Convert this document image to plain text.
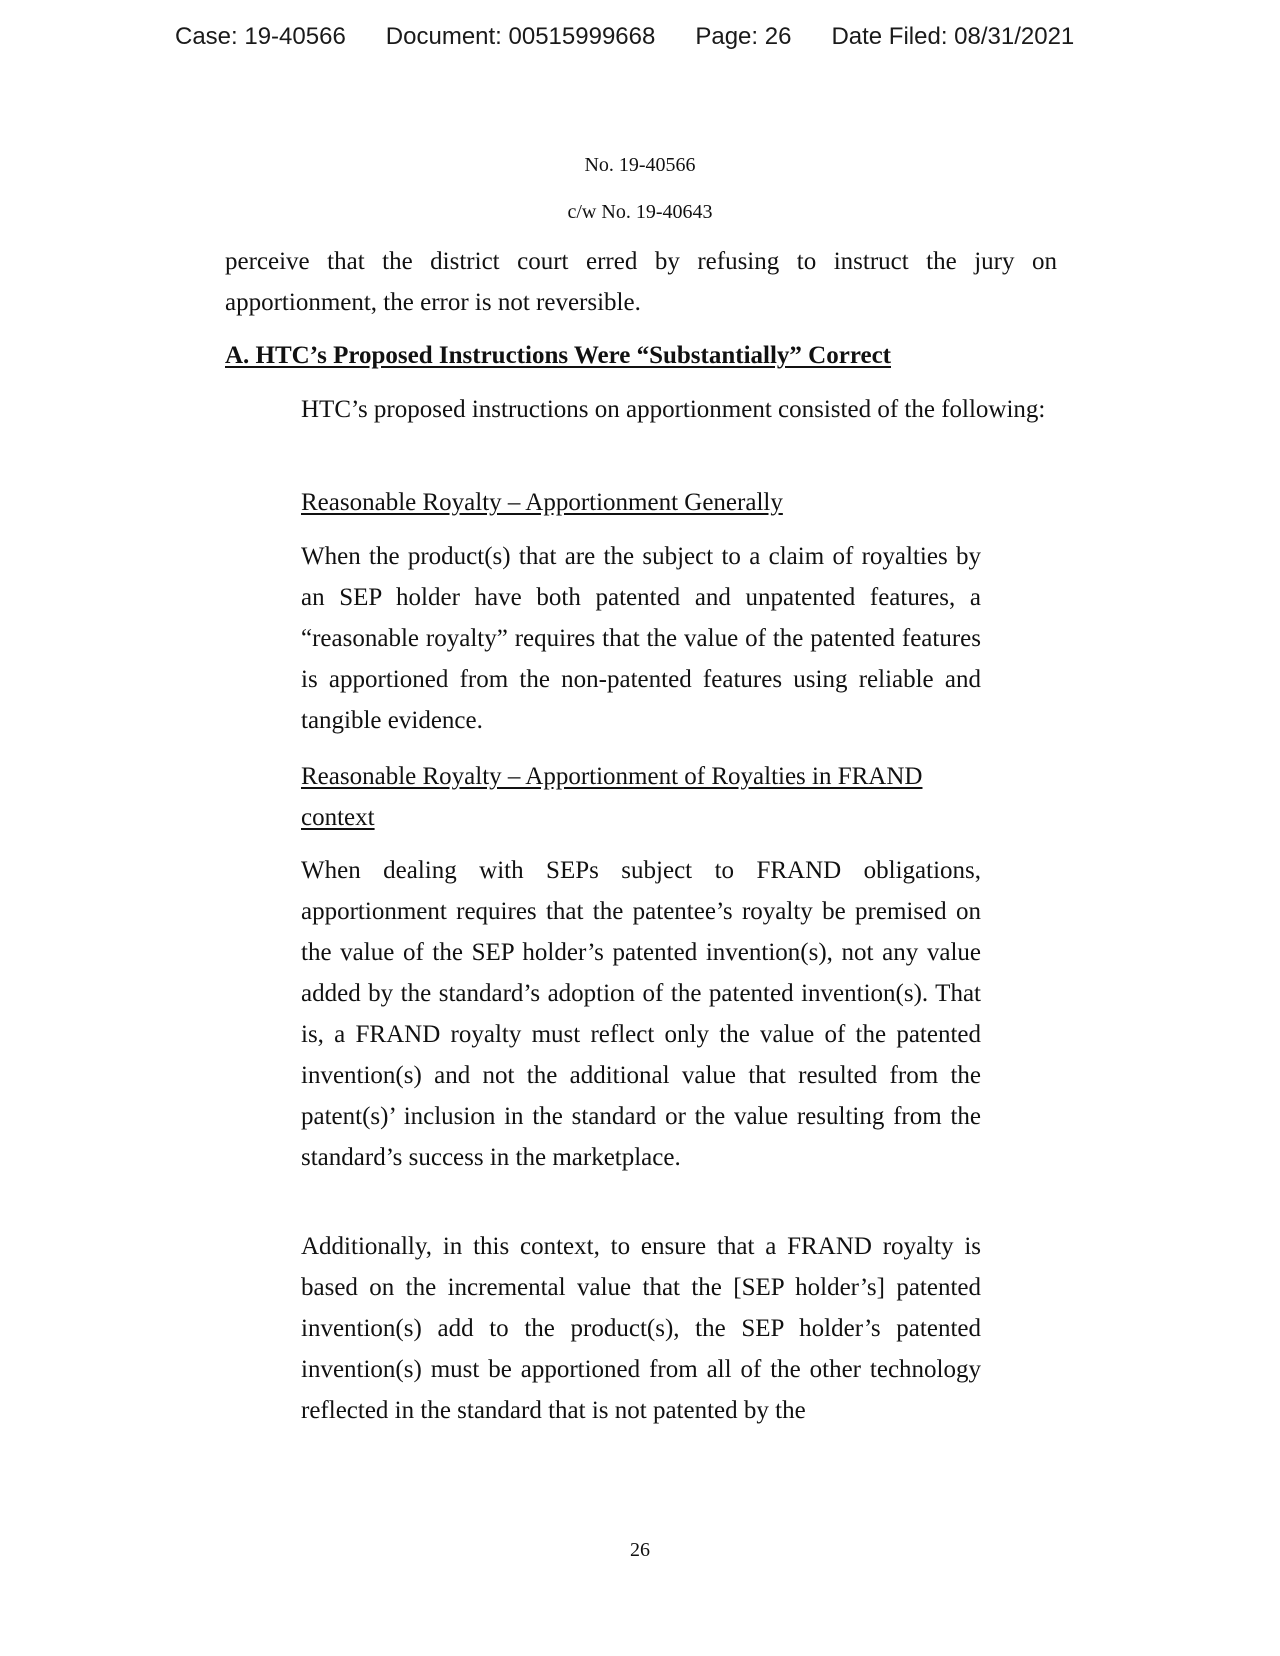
Case: 19-40566 Document: 00515999668 Page: 26 Date Filed: 08/31/2021
No. 19-40566
c/w No. 19-40643

perceive that the district court erred by refusing to instruct the jury on apportionment, the error is not reversible.

A. HTC’s Proposed Instructions Were “Substantially” Correct

HTC’s proposed instructions on apportionment consisted of the following:

Reasonable Royalty – Apportionment Generally

When the product(s) that are the subject to a claim of royalties by an SEP holder have both patented and unpatented features, a “reasonable royalty” requires that the value of the patented features is apportioned from the non-patented features using reliable and tangible evidence.

Reasonable Royalty – Apportionment of Royalties in FRAND context

When dealing with SEPs subject to FRAND obligations, apportionment requires that the patentee’s royalty be premised on the value of the SEP holder’s patented invention(s), not any value added by the standard’s adoption of the patented invention(s). That is, a FRAND royalty must reflect only the value of the patented invention(s) and not the additional value that resulted from the patent(s)’ inclusion in the standard or the value resulting from the standard’s success in the marketplace.

Additionally, in this context, to ensure that a FRAND royalty is based on the incremental value that the [SEP holder’s] patented invention(s) add to the product(s), the SEP holder’s patented invention(s) must be apportioned from all of the other technology reflected in the standard that is not patented by the

26
